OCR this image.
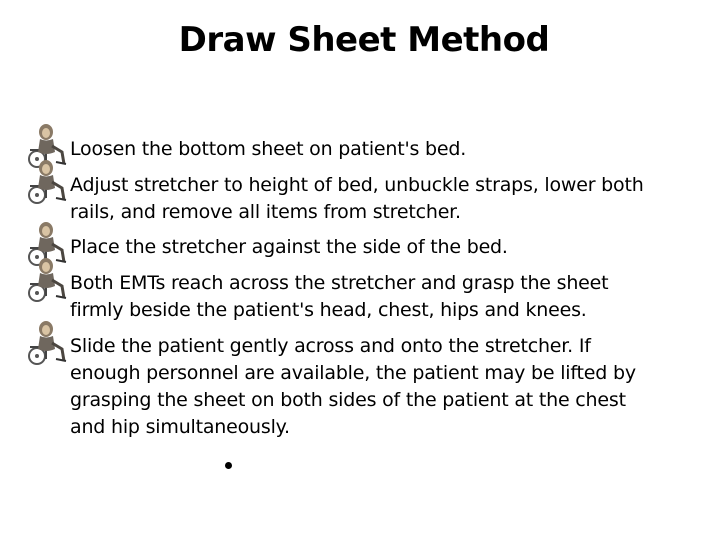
Draw Sheet Method
Loosen the bottom sheet on patient's bed.
Adjust stretcher to height of bed, unbuckle straps, lower both
rails, and remove all items from stretcher.
Place the stretcher against the side of the bed.
Both EMTs reach across the stretcher and grasp the sheet
firmly beside the patient's head, chest, hips and knees.
Slide the patient gently across and onto the stretcher. If
enough personnel are available, the patient may be lifted by
grasping the sheet on both sides of the patient at the chest
and hip simultaneously.
